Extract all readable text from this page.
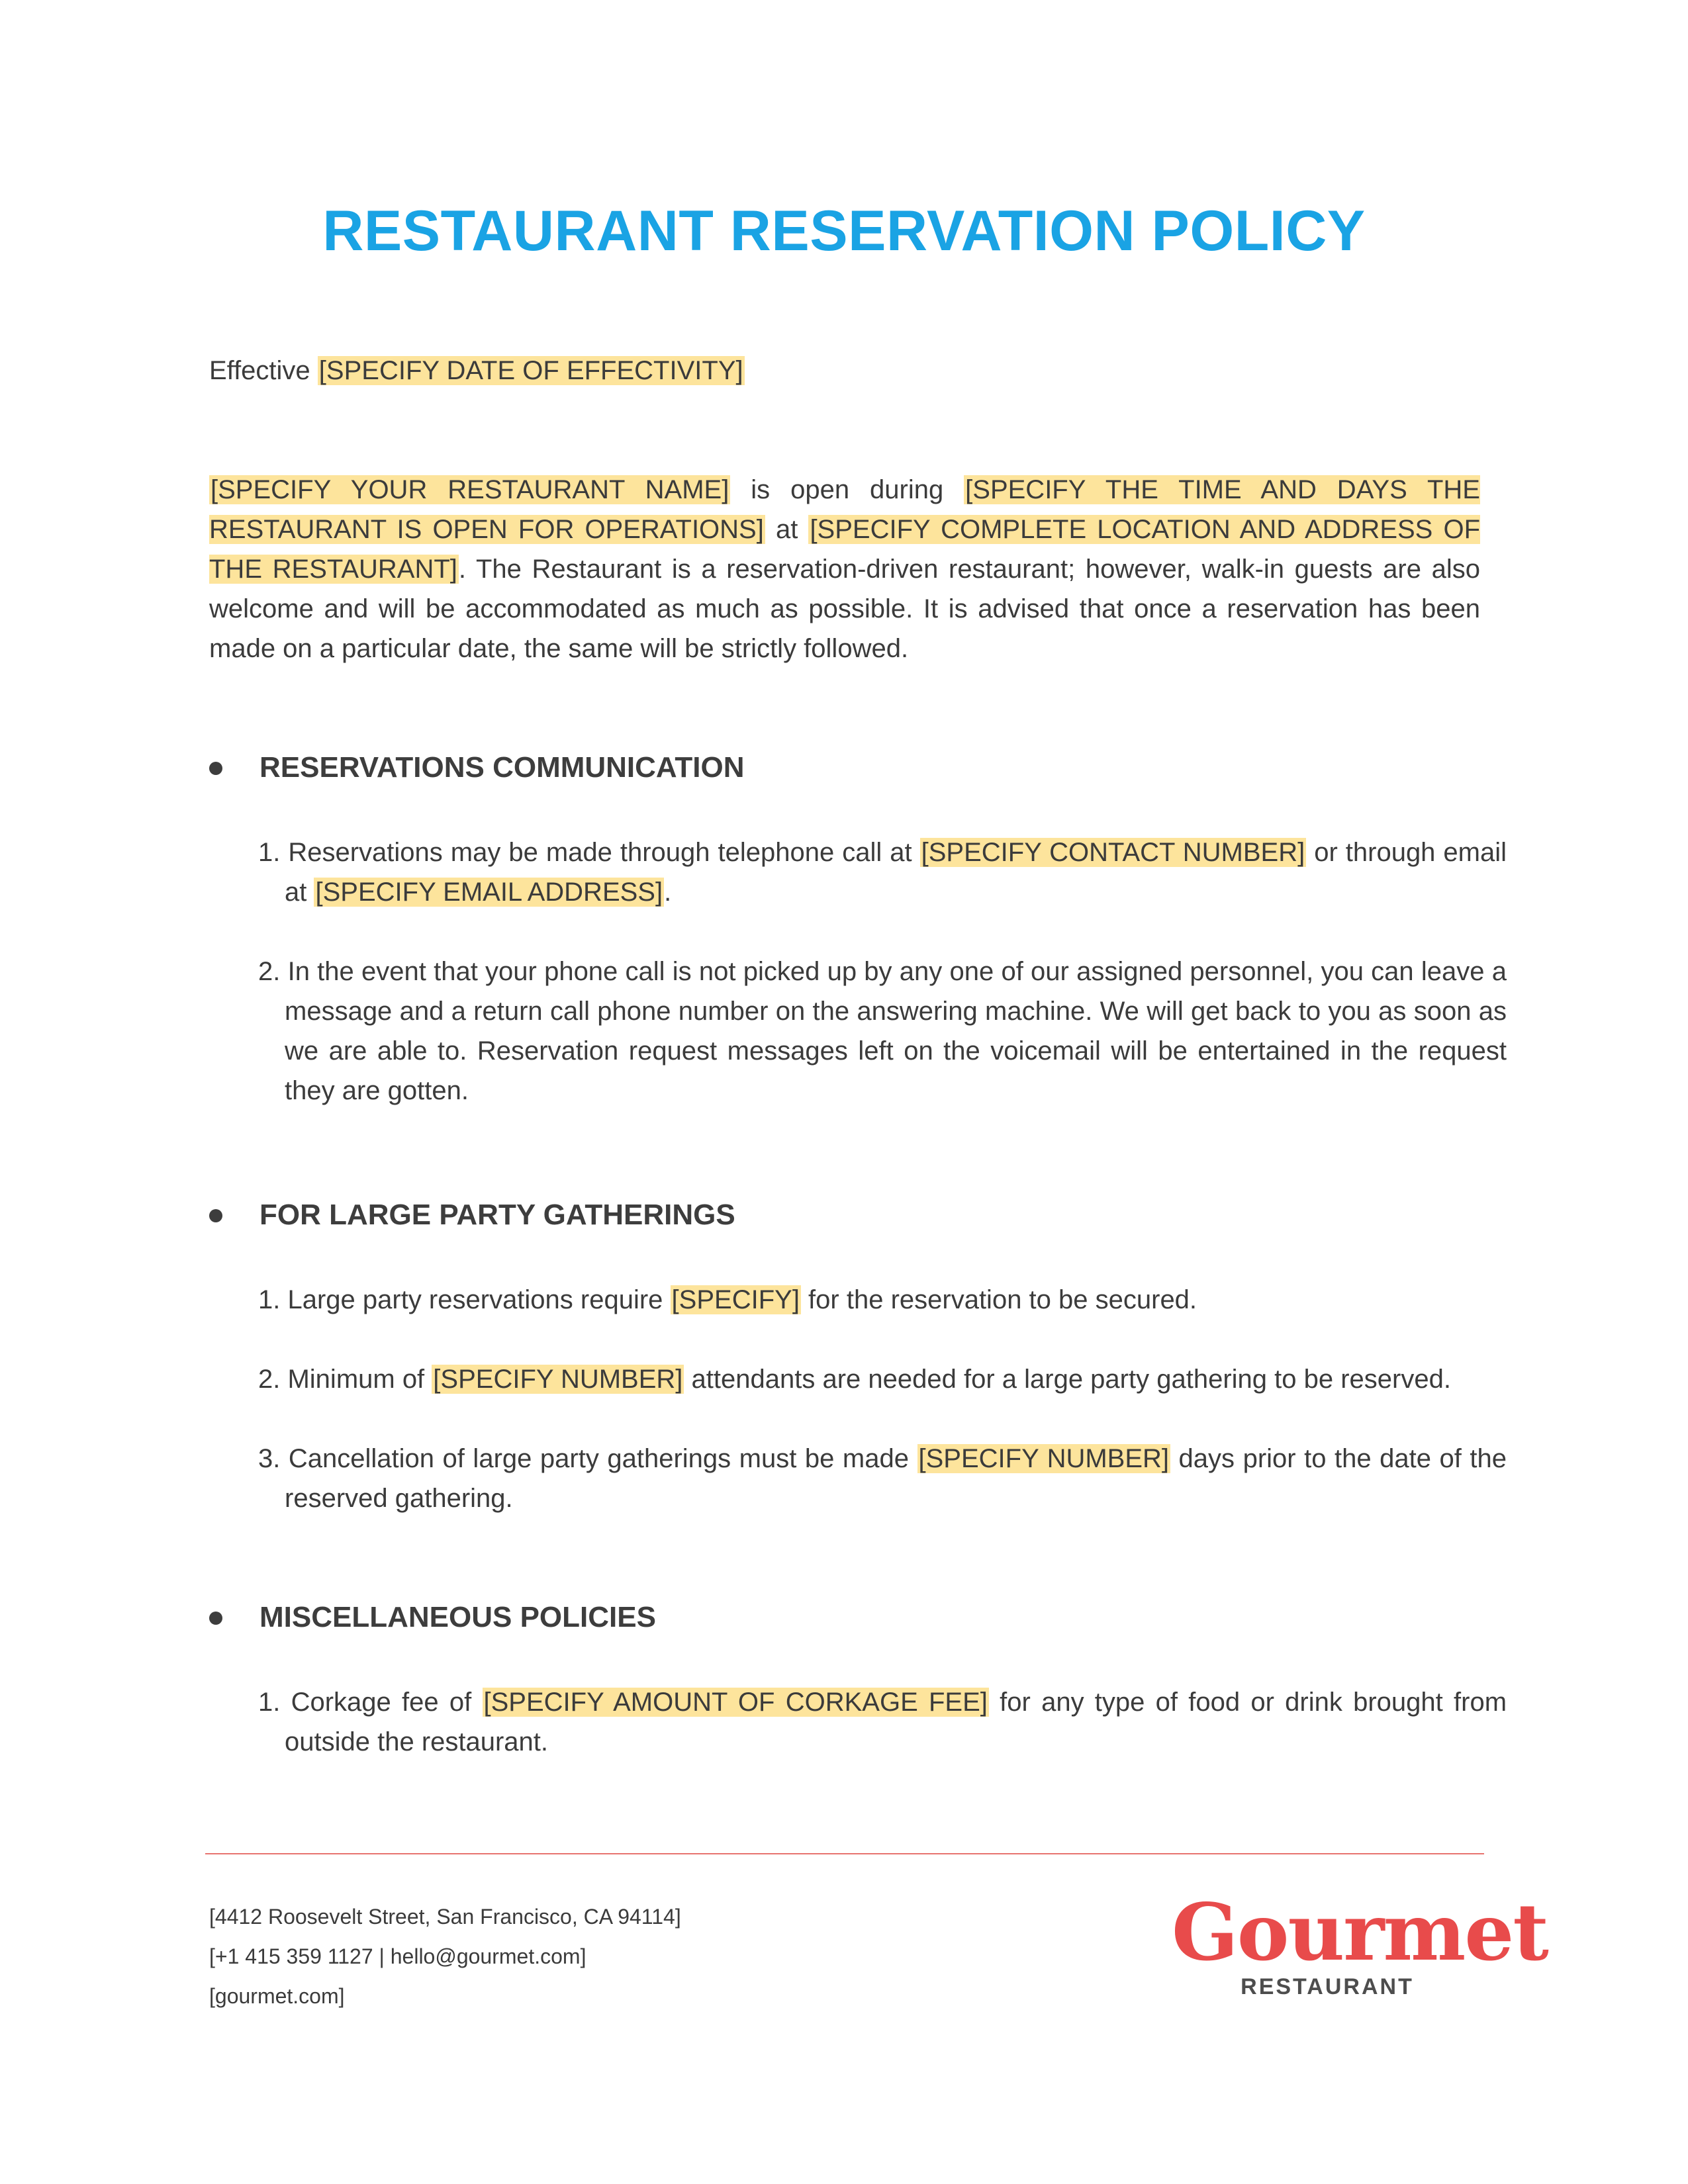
RESTAURANT RESERVATION POLICY
Effective [SPECIFY DATE OF EFFECTIVITY]
[SPECIFY YOUR RESTAURANT NAME] is open during [SPECIFY THE TIME AND DAYS THE RESTAURANT IS OPEN FOR OPERATIONS] at [SPECIFY COMPLETE LOCATION AND ADDRESS OF THE RESTAURANT]. The Restaurant is a reservation-driven restaurant; however, walk-in guests are also welcome and will be accommodated as much as possible. It is advised that once a reservation has been made on a particular date, the same will be strictly followed.
RESERVATIONS COMMUNICATION
1. Reservations may be made through telephone call at [SPECIFY CONTACT NUMBER] or through email at [SPECIFY EMAIL ADDRESS].
2. In the event that your phone call is not picked up by any one of our assigned personnel, you can leave a message and a return call phone number on the answering machine. We will get back to you as soon as we are able to. Reservation request messages left on the voicemail will be entertained in the request they are gotten.
FOR LARGE PARTY GATHERINGS
1. Large party reservations require [SPECIFY] for the reservation to be secured.
2. Minimum of [SPECIFY NUMBER] attendants are needed for a large party gathering to be reserved.
3. Cancellation of large party gatherings must be made [SPECIFY NUMBER] days prior to the date of the reserved gathering.
MISCELLANEOUS POLICIES
1. Corkage fee of [SPECIFY AMOUNT OF CORKAGE FEE] for any type of food or drink brought from outside the restaurant.
[4412 Roosevelt Street, San Francisco, CA 94114]
[+1 415 359 1127 | hello@gourmet.com]
[gourmet.com]
Gourmet
RESTAURANT
